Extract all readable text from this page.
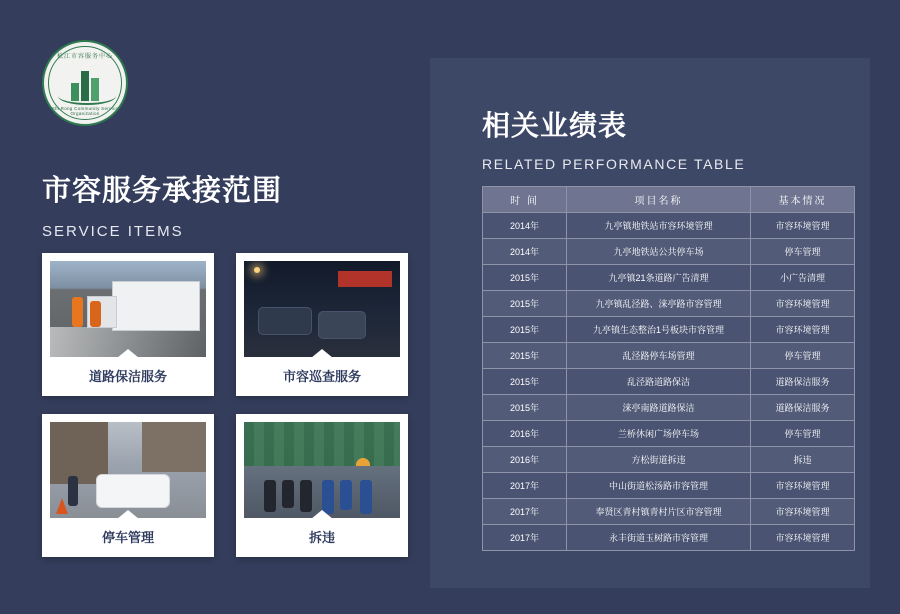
松江市容服务中心
Shi Rong Community Service Organization
市容服务承接范围
SERVICE ITEMS
道路保洁服务	市容巡查服务
停车管理	拆违
相关业绩表
RELATED PERFORMANCE TABLE
时 间	项目名称	基本情况
2014年	九亭镇地铁站市容环境管理	市容环境管理
2014年	九亭地铁站公共停车场	停车管理
2015年	九亭镇21条道路广告清理	小广告清理
2015年	九亭镇乱泾路、涞亭路市容管理	市容环境管理
2015年	九亭镇生态整治1号板块市容管理	市容环境管理
2015年	乱泾路停车场管理	停车管理
2015年	乱泾路道路保洁	道路保洁服务
2015年	涞亭南路道路保洁	道路保洁服务
2016年	兰桥休闲广场停车场	停车管理
2016年	方松街道拆违	拆违
2017年	中山街道松汤路市容管理	市容环境管理
2017年	奉贤区青村镇青村片区市容管理	市容环境管理
2017年	永丰街道玉树路市容管理	市容环境管理
